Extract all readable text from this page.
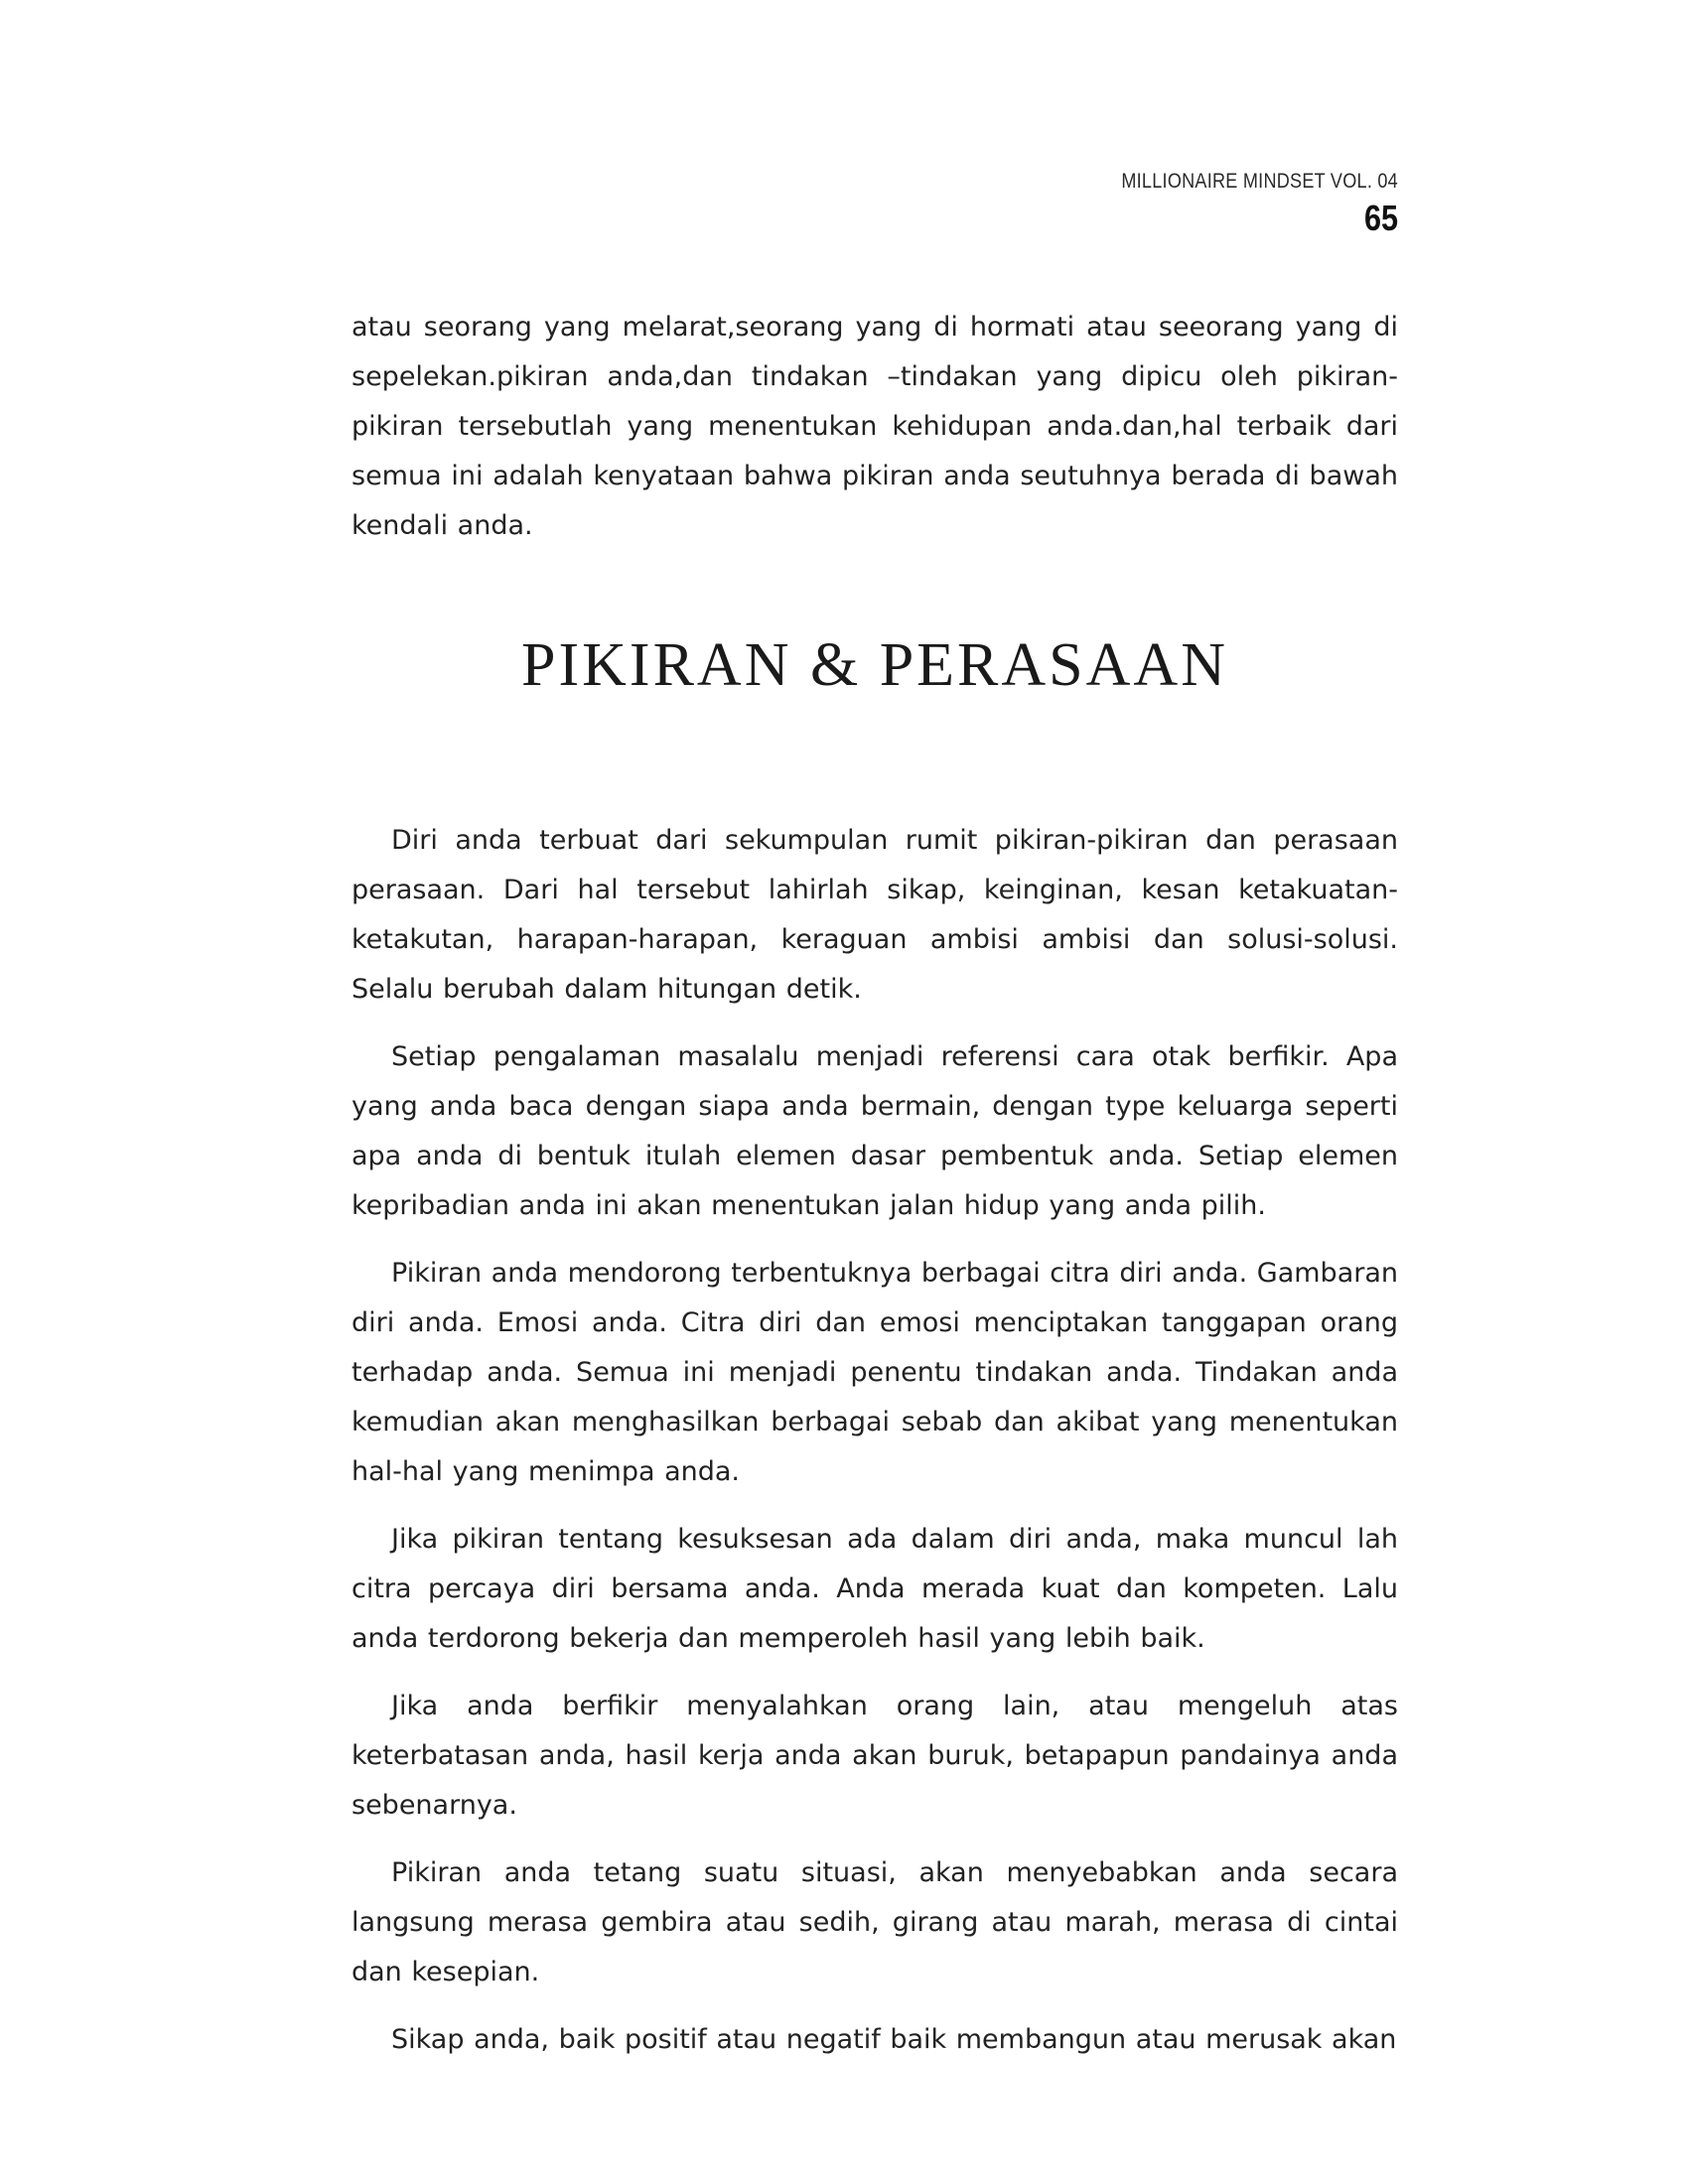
MILLIONAIRE MINDSET VOL. 04
65

atau seorang yang melarat,seorang yang di hormati atau seeorang yang di sepelekan.pikiran anda,dan tindakan –tindakan yang dipicu oleh pikiran-pikiran tersebutlah yang menentukan kehidupan anda.dan,hal terbaik dari semua ini adalah kenyataan bahwa pikiran anda seutuhnya berada di bawah kendali anda.

PIKIRAN & PERASAAN

Diri anda terbuat dari sekumpulan rumit pikiran-pikiran dan perasaan perasaan. Dari hal tersebut lahirlah sikap, keinginan, kesan ketakuatan-ketakutan, harapan-harapan, keraguan ambisi ambisi dan solusi-solusi. Selalu berubah dalam hitungan detik.

Setiap pengalaman masalalu menjadi referensi cara otak berfikir. Apa yang anda baca dengan siapa anda bermain, dengan type keluarga seperti apa anda di bentuk itulah elemen dasar pembentuk anda. Setiap elemen kepribadian anda ini akan menentukan jalan hidup yang anda pilih.

Pikiran anda mendorong terbentuknya berbagai citra diri anda. Gambaran diri anda. Emosi anda. Citra diri dan emosi menciptakan tanggapan orang terhadap anda. Semua ini menjadi penentu tindakan anda. Tindakan anda kemudian akan menghasilkan berbagai sebab dan akibat yang menentukan hal-hal yang menimpa anda.

Jika pikiran tentang kesuksesan ada dalam diri anda, maka muncul lah citra percaya diri bersama anda. Anda merada kuat dan kompeten. Lalu anda terdorong bekerja dan memperoleh hasil yang lebih baik.

Jika anda berfikir menyalahkan orang lain, atau mengeluh atas keterbatasan anda, hasil kerja anda akan buruk, betapapun pandainya anda sebenarnya.

Pikiran anda tetang suatu situasi, akan menyebabkan anda secara langsung merasa gembira atau sedih, girang atau marah, merasa di cintai dan kesepian.

Sikap anda, baik positif atau negatif baik membangun atau merusak akan
